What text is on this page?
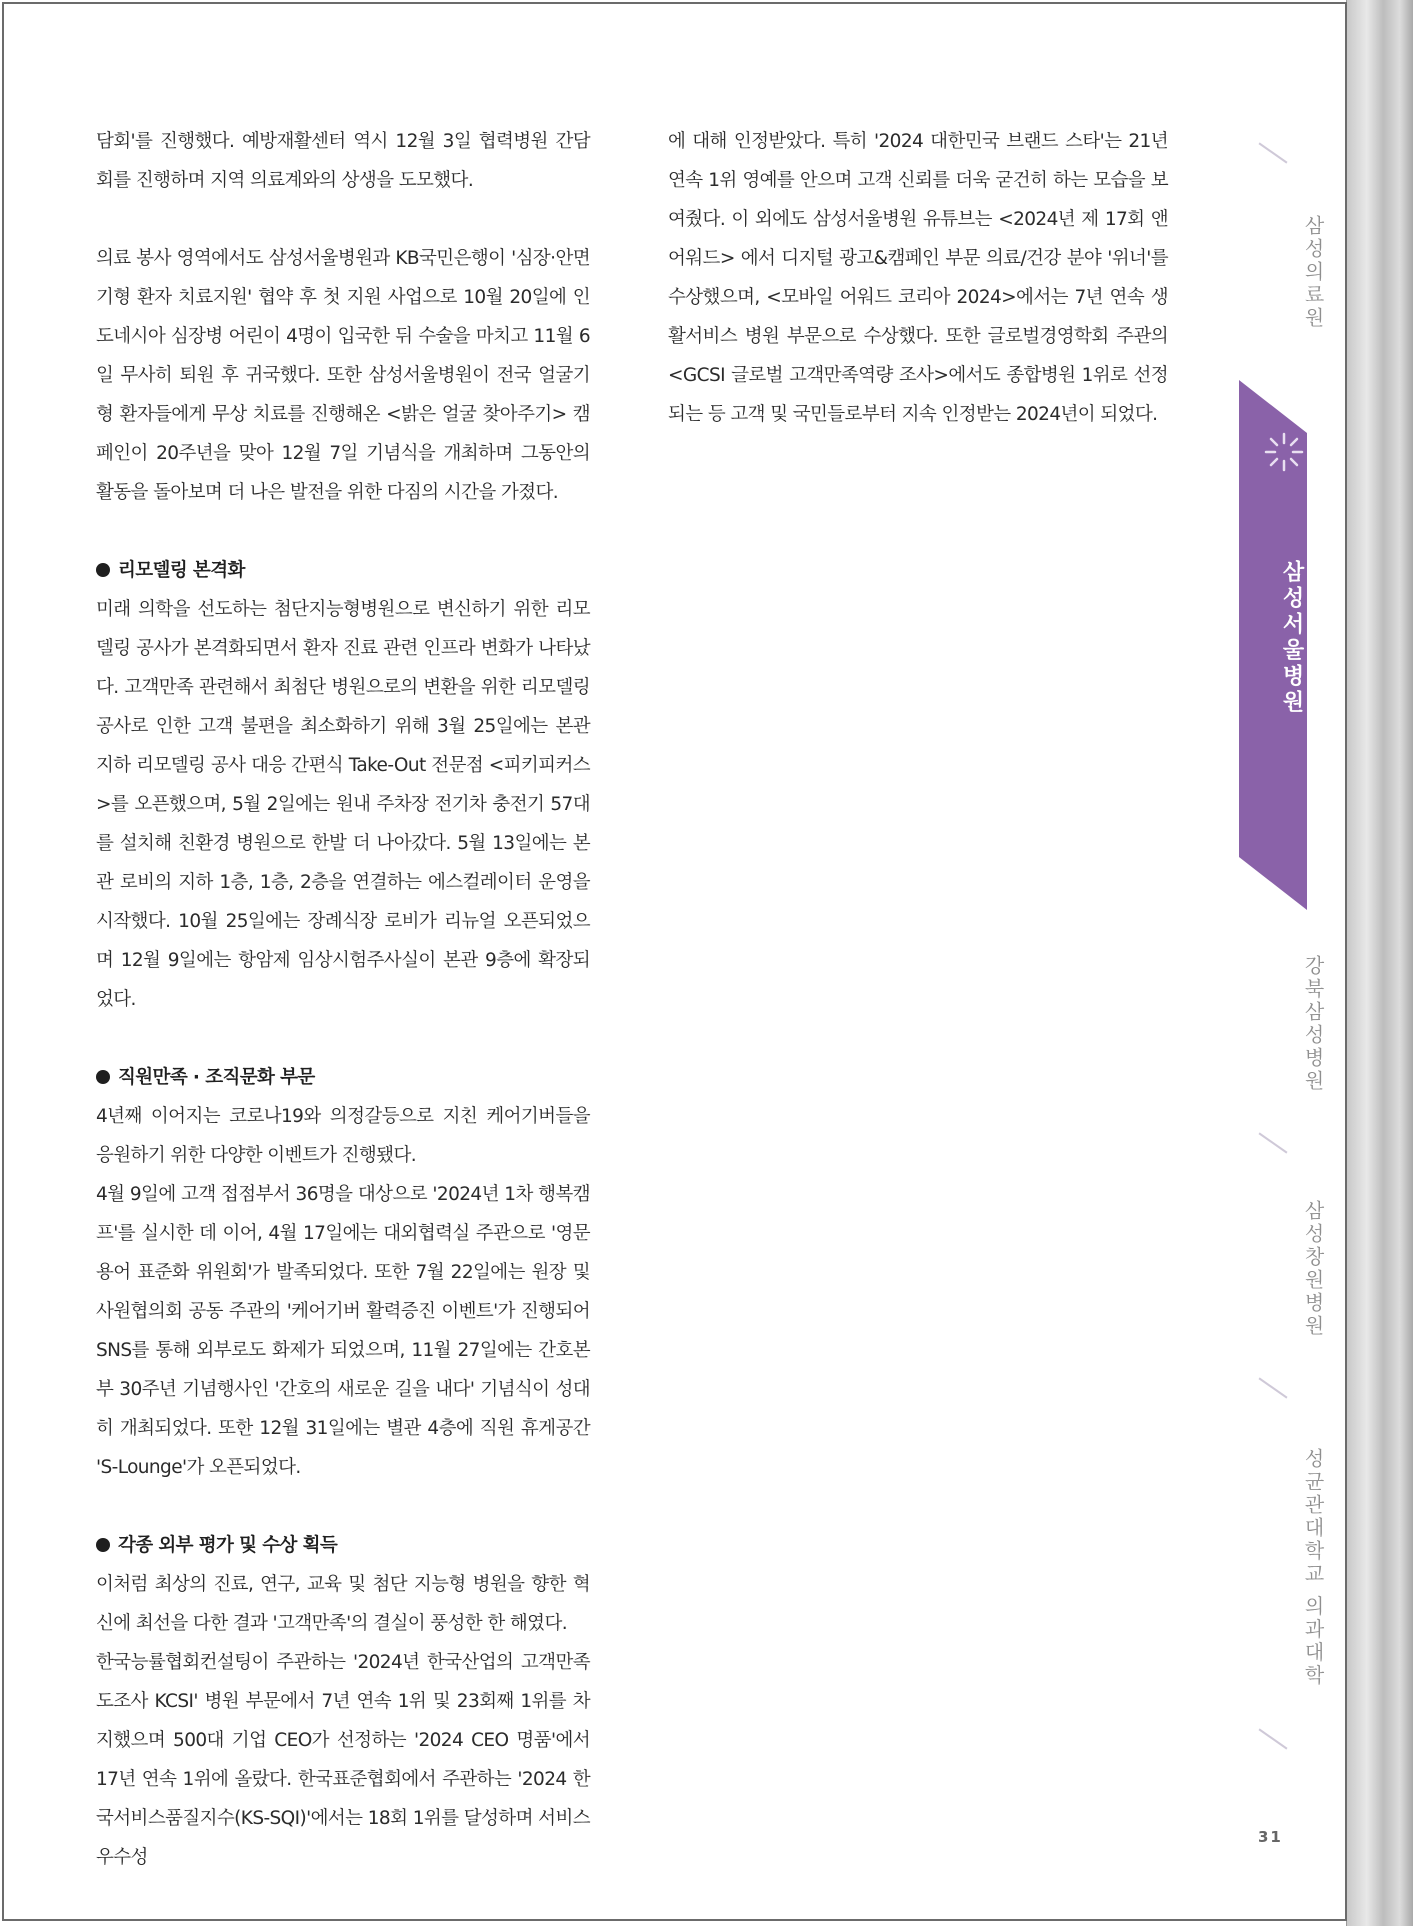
담회'를 진행했다. 예방재활센터 역시 12월 3일 협력병원 간담회를 진행하며 지역 의료계와의 상생을 도모했다.

의료 봉사 영역에서도 삼성서울병원과 KB국민은행이 '심장·안면기형 환자 치료지원' 협약 후 첫 지원 사업으로 10월 20일에 인도네시아 심장병 어린이 4명이 입국한 뒤 수술을 마치고 11월 6일 무사히 퇴원 후 귀국했다. 또한 삼성서울병원이 전국 얼굴기형 환자들에게 무상 치료를 진행해온 <밝은 얼굴 찾아주기> 캠페인이 20주년을 맞아 12월 7일 기념식을 개최하며 그동안의 활동을 돌아보며 더 나은 발전을 위한 다짐의 시간을 가졌다.

리모델링 본격화

미래 의학을 선도하는 첨단지능형병원으로 변신하기 위한 리모델링 공사가 본격화되면서 환자 진료 관련 인프라 변화가 나타났다. 고객만족 관련해서 최첨단 병원으로의 변환을 위한 리모델링 공사로 인한 고객 불편을 최소화하기 위해 3월 25일에는 본관 지하 리모델링 공사 대응 간편식 Take-Out 전문점 <피키피커스>를 오픈했으며, 5월 2일에는 원내 주차장 전기차 충전기 57대를 설치해 친환경 병원으로 한발 더 나아갔다. 5월 13일에는 본관 로비의 지하 1층, 1층, 2층을 연결하는 에스컬레이터 운영을 시작했다. 10월 25일에는 장례식장 로비가 리뉴얼 오픈되었으며 12월 9일에는 항암제 임상시험주사실이 본관 9층에 확장되었다.

직원만족 · 조직문화 부문

4년째 이어지는 코로나19와 의정갈등으로 지친 케어기버들을 응원하기 위한 다양한 이벤트가 진행됐다.

4월 9일에 고객 접점부서 36명을 대상으로 '2024년 1차 행복캠프'를 실시한 데 이어, 4월 17일에는 대외협력실 주관으로 '영문용어 표준화 위원회'가 발족되었다. 또한 7월 22일에는 원장 및 사원협의회 공동 주관의 '케어기버 활력증진 이벤트'가 진행되어 SNS를 통해 외부로도 화제가 되었으며, 11월 27일에는 간호본부 30주년 기념행사인 '간호의 새로운 길을 내다' 기념식이 성대히 개최되었다. 또한 12월 31일에는 별관 4층에 직원 휴게공간 'S-Lounge'가 오픈되었다.

각종 외부 평가 및 수상 획득

이처럼 최상의 진료, 연구, 교육 및 첨단 지능형 병원을 향한 혁신에 최선을 다한 결과 '고객만족'의 결실이 풍성한 한 해였다.

한국능률협회컨설팅이 주관하는 '2024년 한국산업의 고객만족도조사 KCSI' 병원 부문에서 7년 연속 1위 및 23회째 1위를 차지했으며 500대 기업 CEO가 선정하는 '2024 CEO 명품'에서 17년 연속 1위에 올랐다. 한국표준협회에서 주관하는 '2024 한국서비스품질지수(KS-SQI)'에서는 18회 1위를 달성하며 서비스 우수성

에 대해 인정받았다. 특히 '2024 대한민국 브랜드 스타'는 21년 연속 1위 영예를 안으며 고객 신뢰를 더욱 굳건히 하는 모습을 보여줬다. 이 외에도 삼성서울병원 유튜브는 <2024년 제 17회 앤어워드> 에서 디지털 광고&캠페인 부문 의료/건강 분야 '위너'를 수상했으며, <모바일 어워드 코리아 2024>에서는 7년 연속 생활서비스 병원 부문으로 수상했다. 또한 글로벌경영학회 주관의 <GCSI 글로벌 고객만족역량 조사>에서도 종합병원 1위로 선정되는 등 고객 및 국민들로부터 지속 인정받는 2024년이 되었다.

삼성의료원
삼성서울병원
강북삼성병원
삼성창원병원
성균관대학교 의과대학
31
